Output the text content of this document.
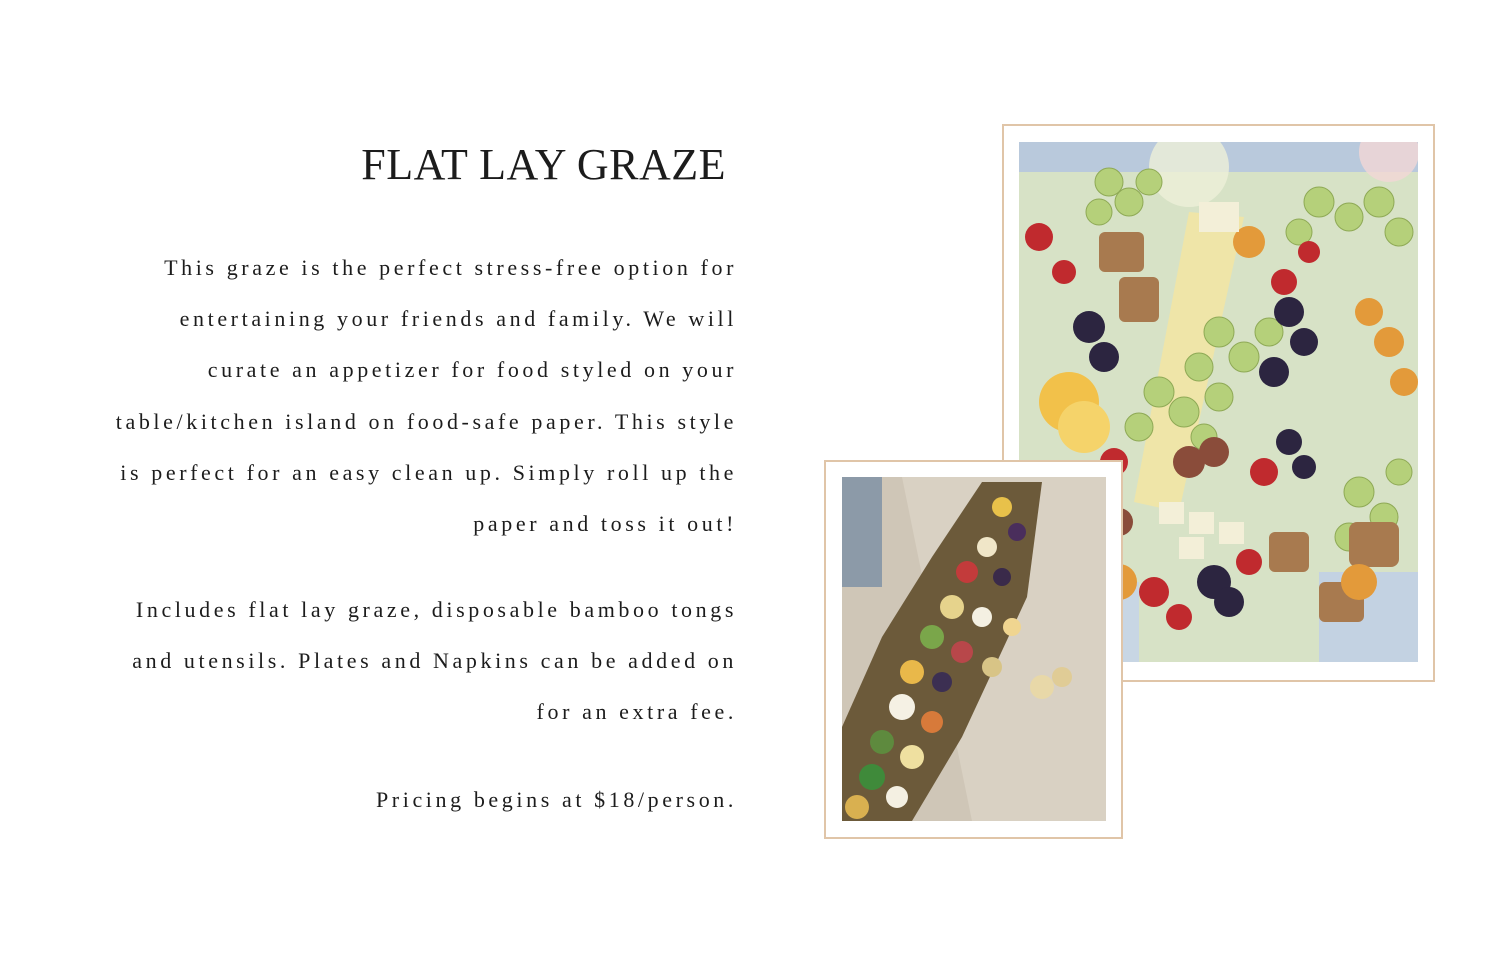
FLAT LAY GRAZE

This graze is the perfect stress-free option for
entertaining your friends and family. We will
curate an appetizer for food styled on your
table/kitchen island on food-safe paper. This style
is perfect for an easy clean up. Simply roll up the
paper and toss it out!

Includes flat lay graze, disposable bamboo tongs
and utensils. Plates and Napkins can be added on
for an extra fee.

Pricing begins at $18/person.
